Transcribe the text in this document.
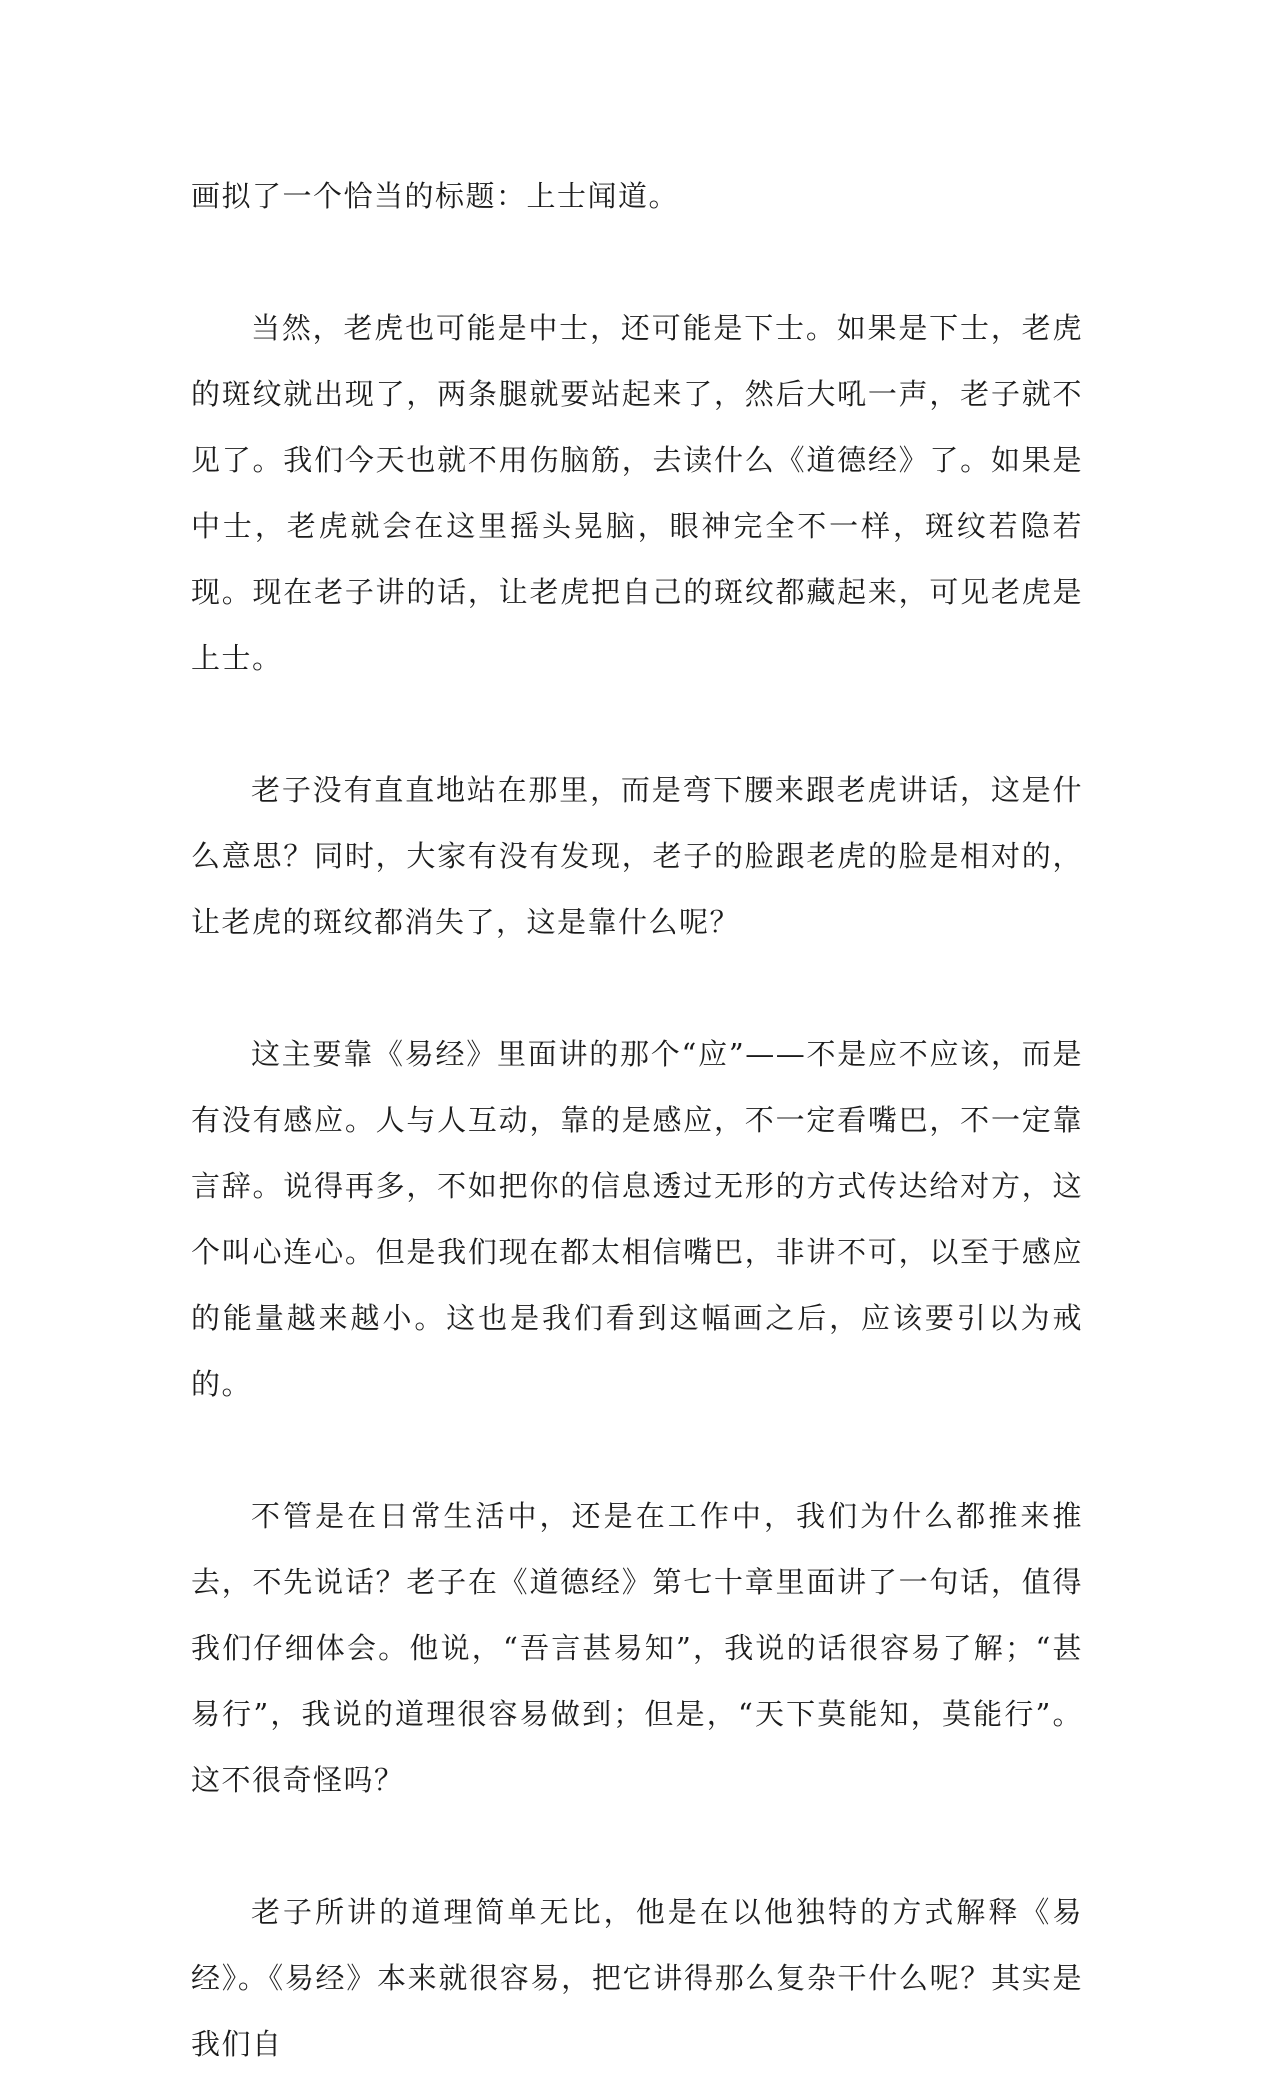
画拟了一个恰当的标题：上士闻道。

当然，老虎也可能是中士，还可能是下士。如果是下士，老虎的斑纹就出现了，两条腿就要站起来了，然后大吼一声，老子就不见了。我们今天也就不用伤脑筋，去读什么《道德经》了。如果是中士，老虎就会在这里摇头晃脑，眼神完全不一样，斑纹若隐若现。现在老子讲的话，让老虎把自己的斑纹都藏起来，可见老虎是上士。

老子没有直直地站在那里，而是弯下腰来跟老虎讲话，这是什么意思？同时，大家有没有发现，老子的脸跟老虎的脸是相对的，让老虎的斑纹都消失了，这是靠什么呢？

这主要靠《易经》里面讲的那个“应”——不是应不应该，而是有没有感应。人与人互动，靠的是感应，不一定看嘴巴，不一定靠言辞。说得再多，不如把你的信息透过无形的方式传达给对方，这个叫心连心。但是我们现在都太相信嘴巴，非讲不可，以至于感应的能量越来越小。这也是我们看到这幅画之后，应该要引以为戒的。

不管是在日常生活中，还是在工作中，我们为什么都推来推去，不先说话？老子在《道德经》第七十章里面讲了一句话，值得我们仔细体会。他说，“吾言甚易知”，我说的话很容易了解；“甚易行”，我说的道理很容易做到；但是，“天下莫能知，莫能行”。这不很奇怪吗？

老子所讲的道理简单无比，他是在以他独特的方式解释《易经》。《易经》本来就很容易，把它讲得那么复杂干什么呢？其实是我们自
